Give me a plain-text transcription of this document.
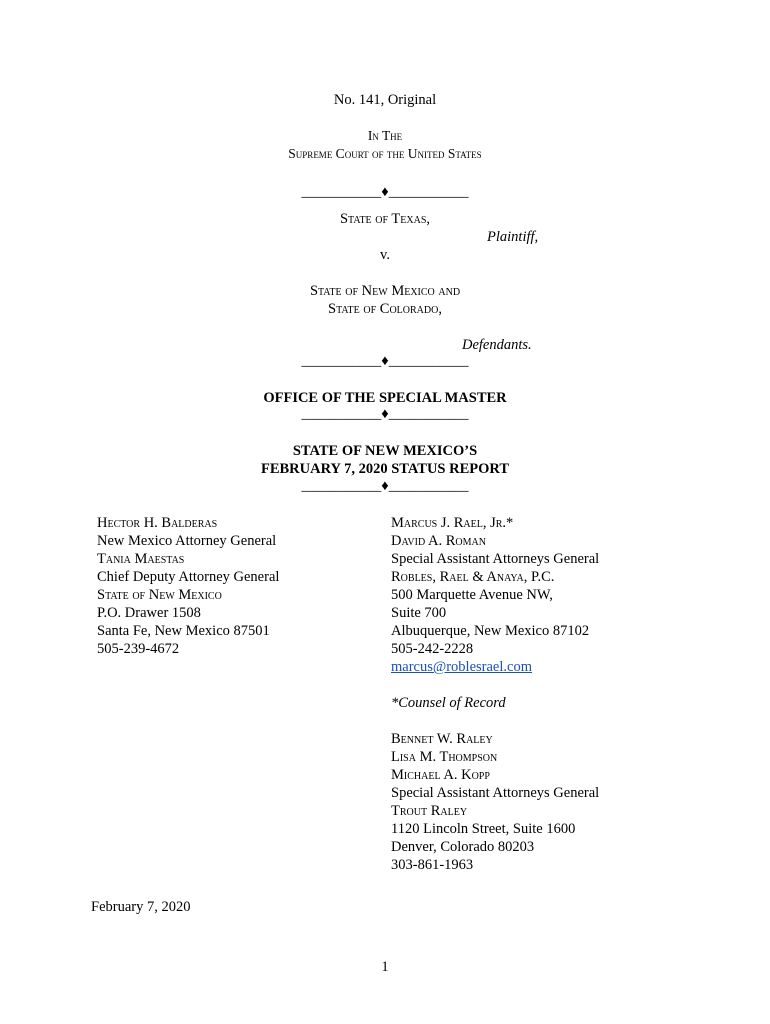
No. 141, Original
In The
Supreme Court of the United States
___________♦___________
State of Texas,
Plaintiff,
v.
State of New Mexico and
State of Colorado,
Defendants.
___________♦___________
OFFICE OF THE SPECIAL MASTER
___________♦___________
STATE OF NEW MEXICO’S
FEBRUARY 7, 2020 STATUS REPORT
___________♦___________
Hector H. Balderas
New Mexico Attorney General
Tania Maestas
Chief Deputy Attorney General
State of New Mexico
P.O. Drawer 1508
Santa Fe, New Mexico 87501
505-239-4672
Marcus J. Rael, Jr.*
David A. Roman
Special Assistant Attorneys General
Robles, Rael & Anaya, P.C.
500 Marquette Avenue NW,
Suite 700
Albuquerque, New Mexico 87102
505-242-2228
marcus@roblesrael.com
*Counsel of Record
Bennet W. Raley
Lisa M. Thompson
Michael A. Kopp
Special Assistant Attorneys General
Trout Raley
1120 Lincoln Street, Suite 1600
Denver, Colorado 80203
303-861-1963
February 7, 2020
1
